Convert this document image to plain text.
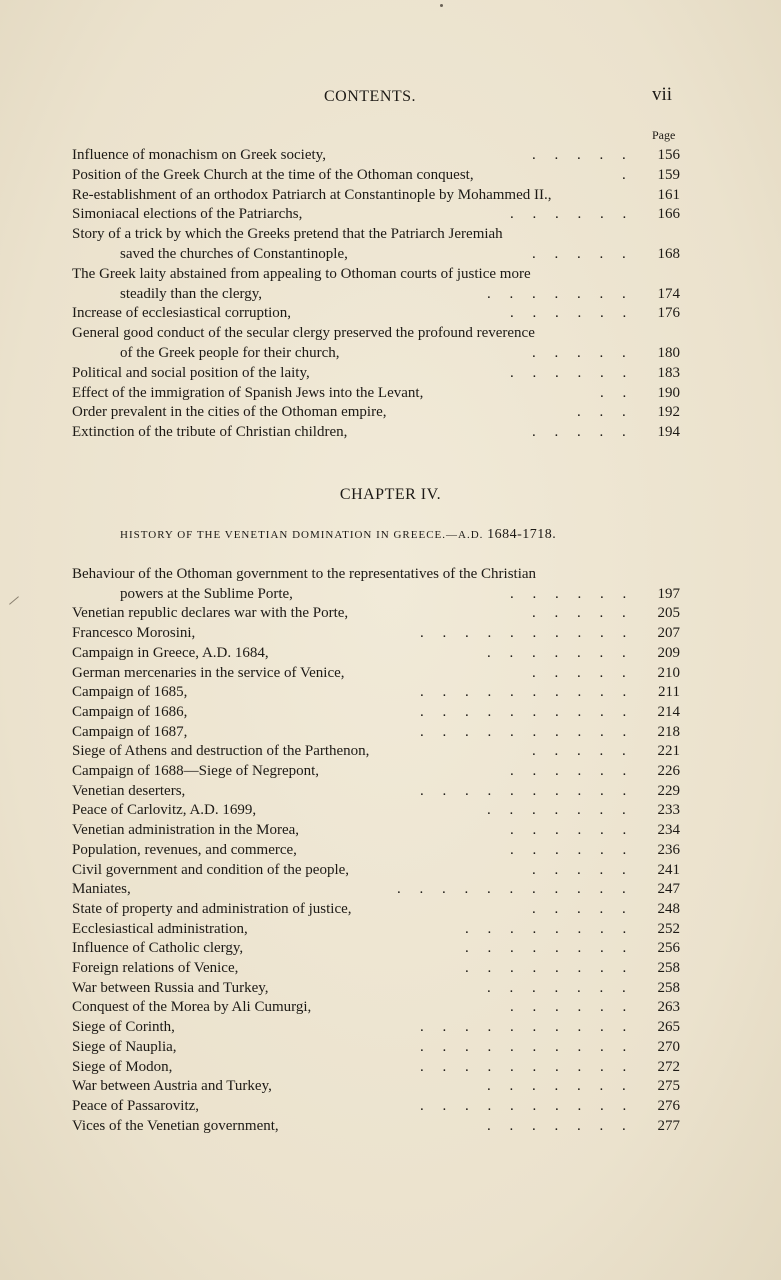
CONTENTS.	vii
Page
CHAPTER IV.
HISTORY OF THE VENETIAN DOMINATION IN GREECE.—A.D. 1684-1718.
Influence of monachism on Greek society,	.     .     .     .     .	156
Position of the Greek Church at the time of the Othoman conquest,	.	159
Re-establishment of an orthodox Patriarch at Constantinople by Mohammed II.,	161
Simoniacal elections of the Patriarchs,	.     .     .     .     .     .	166
Story of a trick by which the Greeks pretend that the Patriarch Jeremiah
saved the churches of Constantinople,	.     .     .     .     .	168
The Greek laity abstained from appealing to Othoman courts of justice more
steadily than the clergy,	.     .     .     .     .     .     .	174
Increase of ecclesiastical corruption,	.     .     .     .     .     .	176
General good conduct of the secular clergy preserved the profound reverence
of the Greek people for their church,	.     .     .     .     .	180
Political and social position of the laity,	.     .     .     .     .     .	183
Effect of the immigration of Spanish Jews into the Levant,	.     .	190
Order prevalent in the cities of the Othoman empire,	.     .     .	192
Extinction of the tribute of Christian children,	.     .     .     .     .	194
Behaviour of the Othoman government to the representatives of the Christian
powers at the Sublime Porte,	.     .     .     .     .     .	197
Venetian republic declares war with the Porte,	.     .     .     .     .	205
Francesco Morosini,	.     .     .     .     .     .     .     .     .     .	207
Campaign in Greece, A.D. 1684,	.     .     .     .     .     .     .	209
German mercenaries in the service of Venice,	.     .     .     .     .	210
Campaign of 1685,	.     .     .     .     .     .     .     .     .     .	211
Campaign of 1686,	.     .     .     .     .     .     .     .     .     .	214
Campaign of 1687,	.     .     .     .     .     .     .     .     .     .	218
Siege of Athens and destruction of the Parthenon,	.     .     .     .     .	221
Campaign of 1688—Siege of Negrepont,	.     .     .     .     .     .	226
Venetian deserters,	.     .     .     .     .     .     .     .     .     .	229
Peace of Carlovitz, A.D. 1699,	.     .     .     .     .     .     .	233
Venetian administration in the Morea,	.     .     .     .     .     .	234
Population, revenues, and commerce,	.     .     .     .     .     .	236
Civil government and condition of the people,	.     .     .     .     .	241
Maniates,	.     .     .     .     .     .     .     .     .     .     .	247
State of property and administration of justice,	.     .     .     .     .	248
Ecclesiastical administration,	.     .     .     .     .     .     .     .	252
Influence of Catholic clergy,	.     .     .     .     .     .     .     .	256
Foreign relations of Venice,	.     .     .     .     .     .     .     .	258
War between Russia and Turkey,	.     .     .     .     .     .     .	258
Conquest of the Morea by Ali Cumurgi,	.     .     .     .     .     .	263
Siege of Corinth,	.     .     .     .     .     .     .     .     .     .	265
Siege of Nauplia,	.     .     .     .     .     .     .     .     .     .	270
Siege of Modon,	.     .     .     .     .     .     .     .     .     .	272
War between Austria and Turkey,	.     .     .     .     .     .     .	275
Peace of Passarovitz,	.     .     .     .     .     .     .     .     .     .	276
Vices of the Venetian government,	.     .     .     .     .     .     .	277
